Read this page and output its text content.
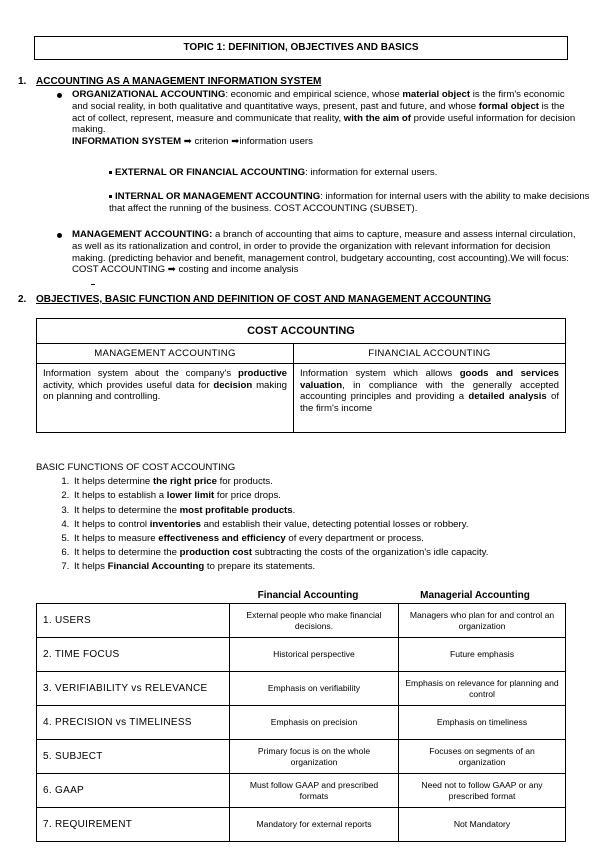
TOPIC 1: DEFINITION, OBJECTIVES AND BASICS
1. ACCOUNTING AS A MANAGEMENT INFORMATION SYSTEM
ORGANIZATIONAL ACCOUNTING: economic and empirical science, whose material object is the firm's economic and social reality, in both qualitative and quantitative ways, present, past and future, and whose formal object is the act of collect, represent, measure and communicate that reality, with the aim of provide useful information for decision making.
INFORMATION SYSTEM ➡ criterion ➡information users
EXTERNAL OR FINANCIAL ACCOUNTING: information for external users.
INTERNAL OR MANAGEMENT ACCOUNTING: information for internal users with the ability to make decisions that affect the running of the business. COST ACCOUNTING (SUBSET).
MANAGEMENT ACCOUNTING: a branch of accounting that aims to capture, measure and assess internal circulation, as well as its rationalization and control, in order to provide the organization with relevant information for decision making. (predicting behavior and benefit, management control, budgetary accounting, cost accounting).We will focus: COST ACCOUNTING ➡ costing and income analysis
2. OBJECTIVES, BASIC FUNCTION AND DEFINITION OF COST AND MANAGEMENT ACCOUNTING
COST ACCOUNTING	
MANAGEMENT ACCOUNTING	FINANCIAL ACCOUNTING
Information system about the company's productive activity, which provides useful data for decision making on planning and controlling.	Information system which allows goods and services valuation, in compliance with the generally accepted accounting principles and providing a detailed analysis of the firm's income
BASIC FUNCTIONS OF COST ACCOUNTING
1. It helps determine the right price for products.
2. It helps to establish a lower limit for price drops.
3. It helps to determine the most profitable products.
4. It helps to control inventories and establish their value, detecting potential losses or robbery.
5. It helps to measure effectiveness and efficiency of every department or process.
6. It helps to determine the production cost subtracting the costs of the organization's idle capacity.
7. It helps Financial Accounting to prepare its statements.
Financial Accounting	Managerial Accounting
1. USERS	External people who make financial decisions.	Managers who plan for and control an organization
2. TIME FOCUS	Historical perspective	Future emphasis
3. VERIFIABILITY vs RELEVANCE	Emphasis on verifiability	Emphasis on relevance for planning and control
4. PRECISION vs TIMELINESS	Emphasis on precision	Emphasis on timeliness
5. SUBJECT	Primary focus is on the whole organization	Focuses on segments of an organization
6. GAAP	Must follow GAAP and prescribed formats	Need not to follow GAAP or any prescribed format
7. REQUIREMENT	Mandatory for external reports	Not Mandatory
